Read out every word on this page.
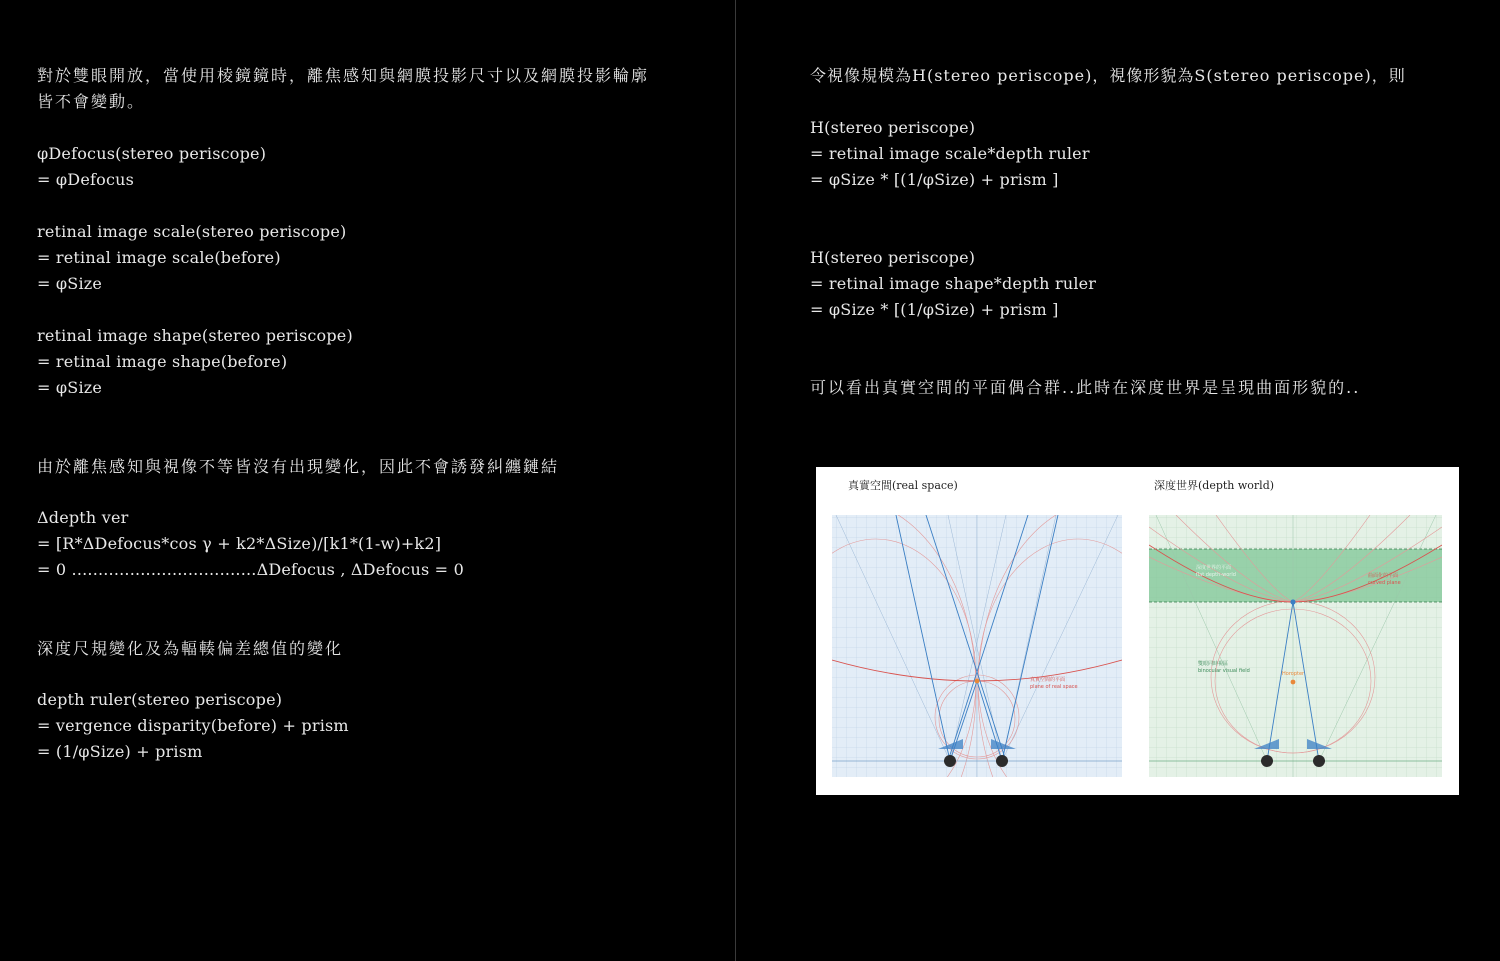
對於雙眼開放，當使用棱鏡鏡時，離焦感知與網膜投影尺寸以及網膜投影輪廓
皆不會變動。
φDefocus(stereo periscope)
= φDefocus
retinal image scale(stereo periscope)
= retinal image scale(before)
= φSize
retinal image shape(stereo periscope)
= retinal image shape(before)
= φSize
由於離焦感知與視像不等皆沒有出現變化，因此不會誘發糾纏鏈結
Δdepth ver
= [R*ΔDefocus*cos γ + k2*ΔSize)/[k1*(1-w)+k2]
= 0 ...................................ΔDefocus , ΔDefocus = 0
深度尺規變化及為輻輳偏差總值的變化
depth ruler(stereo periscope)
= vergence disparity(before) + prism
= (1/φSize) + prism
令視像規模為H(stereo periscope)，視像形貌為S(stereo periscope)，則
H(stereo periscope)
= retinal image scale*depth ruler
= φSize * [(1/φSize) + prism ]
H(stereo periscope)
= retinal image shape*depth ruler
= φSize * [(1/φSize) + prism ]
可以看出真實空間的平面偶合群..此時在深度世界是呈現曲面形貌的..
真實空間(real space)	深度世界(depth world)
真實空間的平面
plane of real space
深度世界的平面
flat depth-world	曲面化的平面
curved plane
雙眼同時視區
binocular visual field	Horopter
